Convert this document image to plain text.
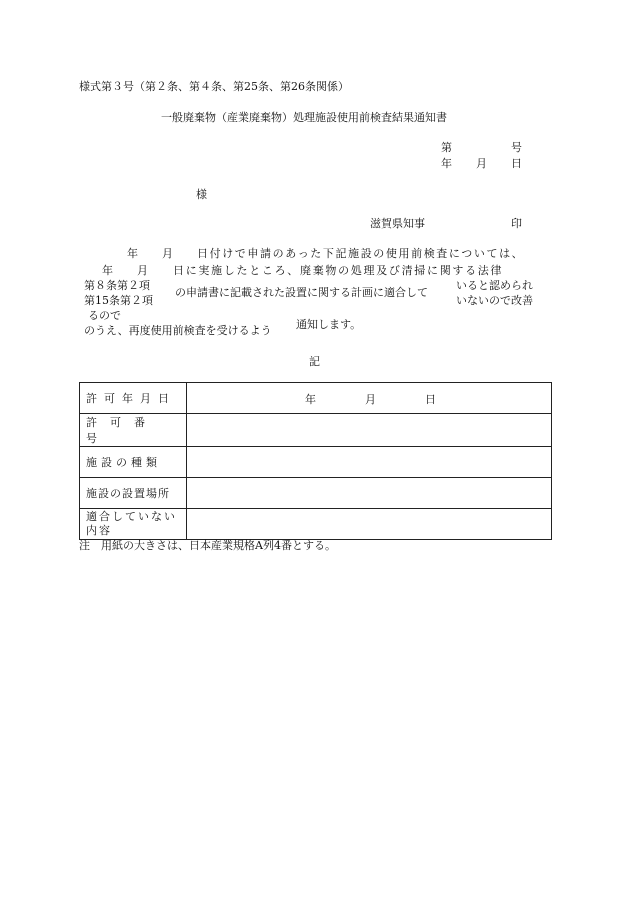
様式第３号（第２条、第４条、第25条、第26条関係）
一般廃棄物（産業廃棄物）処理施設使用前検査結果通知書
第	号
年 月 日
様
滋賀県知事	印
年 月 日付けで申請のあった下記施設の使用前検査については、
年 月 日に実施したところ、廃棄物の処理及び清掃に関する法律
第８条第２項
第15条第２項
の申請書に記載された設置に関する計画に適合して
いると認められ
いないので改善
るので
のうえ、再度使用前検査を受けるよう 通知します。
記
許可年月日	年 月 日

許可番号	
施設の種類	
施設の設置場所	
適合していない内容	
注　用紙の大きさは、日本産業規格A列4番とする。
